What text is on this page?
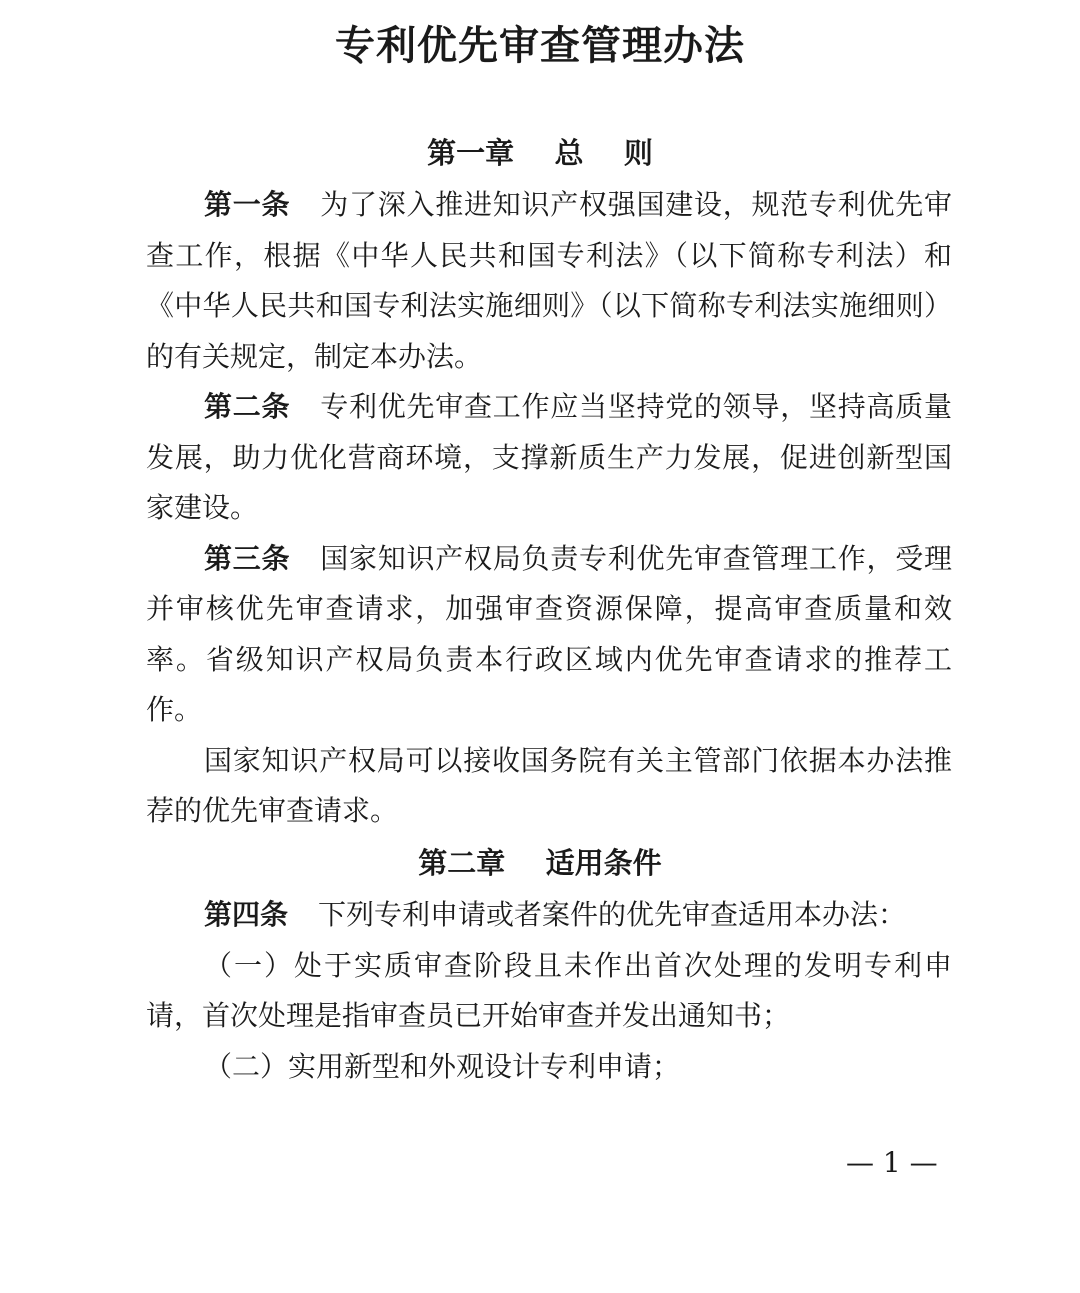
专利优先审查管理办法
第一章    总    则

第一条 为了深入推进知识产权强国建设，规范专利优先审查工作，根据《中华人民共和国专利法》（以下简称专利法）和《中华人民共和国专利法实施细则》（以下简称专利法实施细则）的有关规定，制定本办法。

第二条 专利优先审查工作应当坚持党的领导，坚持高质量发展，助力优化营商环境，支撑新质生产力发展，促进创新型国家建设。

第三条 国家知识产权局负责专利优先审查管理工作，受理并审核优先审查请求，加强审查资源保障，提高审查质量和效率。省级知识产权局负责本行政区域内优先审查请求的推荐工作。

国家知识产权局可以接收国务院有关主管部门依据本办法推荐的优先审查请求。

第二章    适用条件

第四条 下列专利申请或者案件的优先审查适用本办法：

（一）处于实质审查阶段且未作出首次处理的发明专利申请，首次处理是指审查员已开始审查并发出通知书；

（二）实用新型和外观设计专利申请；

— 1 —
